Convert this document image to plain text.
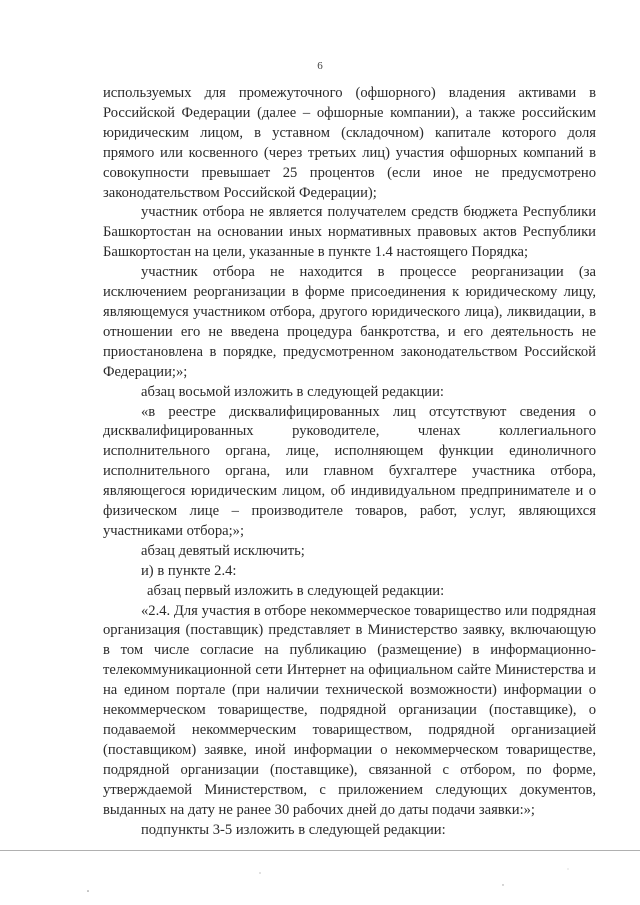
6

используемых для промежуточного (офшорного) владения активами в Российской Федерации (далее – офшорные компании), а также российским юридическим лицом, в уставном (складочном) капитале которого доля прямого или косвенного (через третьих лиц) участия офшорных компаний в совокупности превышает 25 процентов (если иное не предусмотрено законодательством Российской Федерации);

участник отбора не является получателем средств бюджета Республики Башкортостан на основании иных нормативных правовых актов Республики Башкортостан на цели, указанные в пункте 1.4 настоящего Порядка;

участник отбора не находится в процессе реорганизации (за исключением реорганизации в форме присоединения к юридическому лицу, являющемуся участником отбора, другого юридического лица), ликвидации, в отношении его не введена процедура банкротства, и его деятельность не приостановлена в порядке, предусмотренном законодательством Российской Федерации;»;

абзац восьмой изложить в следующей редакции:

«в реестре дисквалифицированных лиц отсутствуют сведения о дисквалифицированных руководителе, членах коллегиального исполнительного органа, лице, исполняющем функции единоличного исполнительного органа, или главном бухгалтере участника отбора, являющегося юридическим лицом, об индивидуальном предпринимателе и о физическом лице – производителе товаров, работ, услуг, являющихся участниками отбора;»;

абзац девятый исключить;

и) в пункте 2.4:

абзац первый изложить в следующей редакции:

«2.4. Для участия в отборе некоммерческое товарищество или подрядная организация (поставщик) представляет в Министерство заявку, включающую в том числе согласие на публикацию (размещение) в информационно-телекоммуникационной сети Интернет на официальном сайте Министерства и на едином портале (при наличии технической возможности) информации о некоммерческом товариществе, подрядной организации (поставщике), о подаваемой некоммерческим товариществом, подрядной организацией (поставщиком) заявке, иной информации о некоммерческом товариществе, подрядной организации (поставщике), связанной с отбором, по форме, утверждаемой Министерством, с приложением следующих документов, выданных на дату не ранее 30 рабочих дней до даты подачи заявки:»;

подпункты 3-5 изложить в следующей редакции:
